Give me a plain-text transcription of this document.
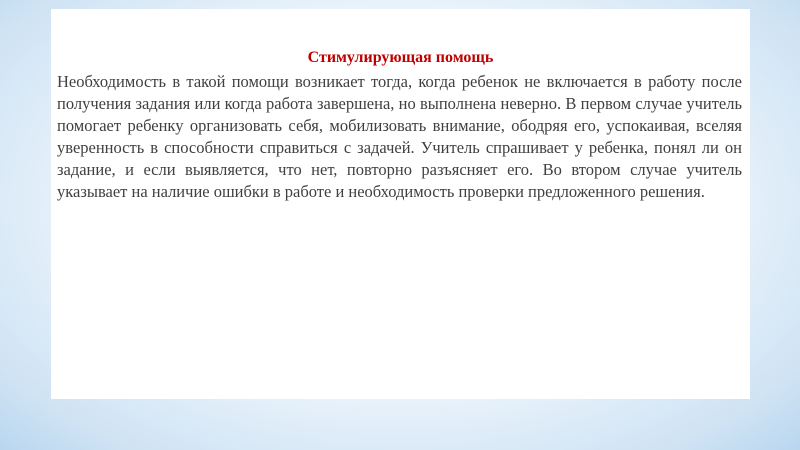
Стимулирующая помощь

Необходимость в такой помощи возникает тогда, когда ребенок не включается в работу после получения задания или когда работа завершена, но выполнена неверно. В первом случае учитель помогает ребенку организовать себя, мобилизовать внимание, ободряя его, успокаивая, вселяя уверенность в способности справиться с задачей. Учитель спрашивает у ребенка, понял ли он задание, и если выявляется, что нет, повторно разъясняет его. Во втором случае учитель указывает на наличие ошибки в работе и необходимость проверки предложенного решения.
